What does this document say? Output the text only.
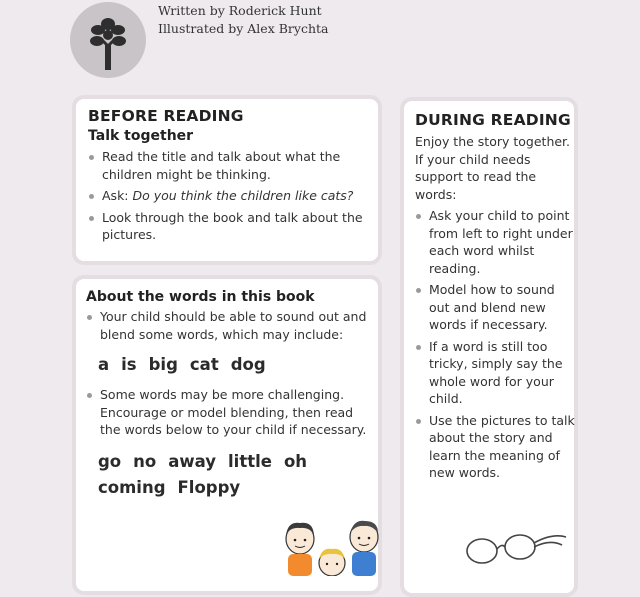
Written by Roderick Hunt
Illustrated by Alex Brychta
BEFORE READING
Talk together
Read the title and talk about what the children might be thinking.
Ask: Do you think the children like cats?
Look through the book and talk about the pictures.
About the words in this book
Your child should be able to sound out and blend some words, which may include:
a is big cat dog
Some words may be more challenging. Encourage or model blending, then read the words below to your child if necessary.
go no away little oh
coming Floppy
DURING READING
Enjoy the story together. If your child needs support to read the words:
Ask your child to point from left to right under each word whilst reading.
Model how to sound out and blend new words if necessary.
If a word is still too tricky, simply say the whole word for your child.
Use the pictures to talk about the story and learn the meaning of new words.
